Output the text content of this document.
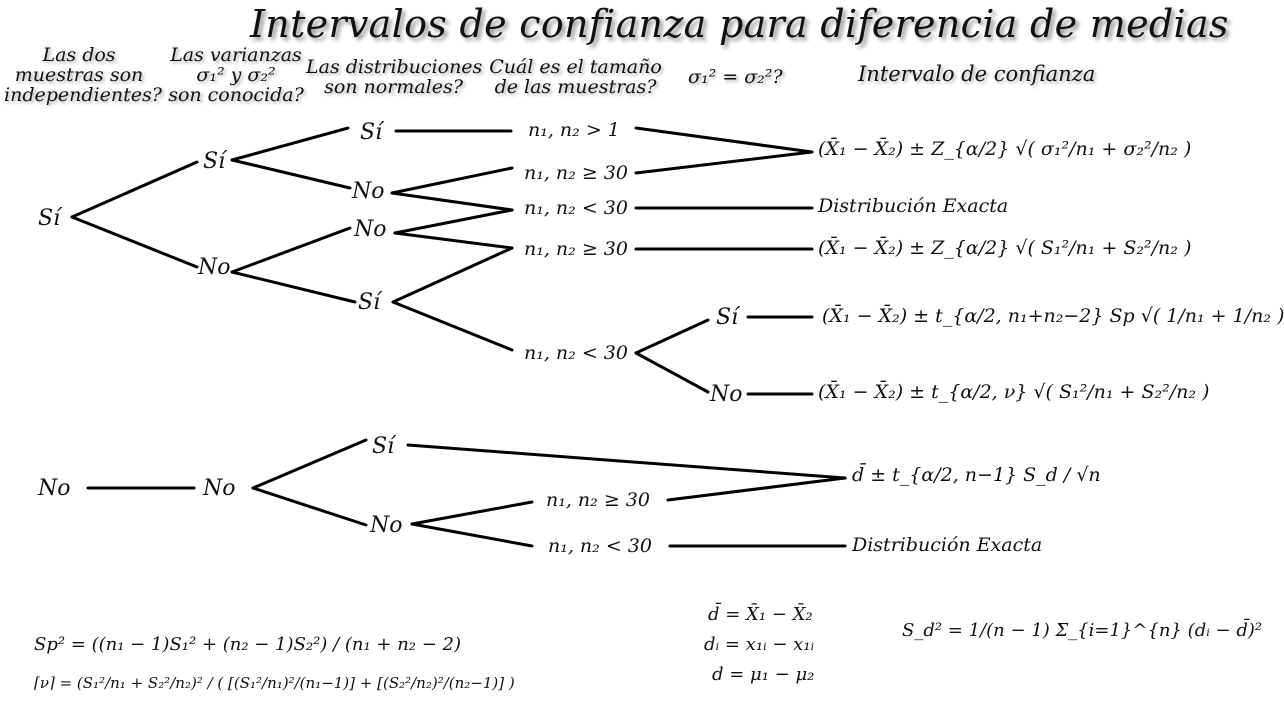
Intervalos de confianza para diferencia de medias
Las dos
muestras son
independientes?
Las varianzas
σ₁² y σ₂²
son conocida?
Las distribuciones
son normales?
Cuál es el tamaño
de las muestras?	σ₁² = σ₂²?	Intervalo de confianza
Sí
Sí
No
Sí
No
No
Sí
Sí
No
No	No
Sí
No
n₁, n₂ > 1
n₁, n₂ ≥ 30
n₁, n₂ < 30
n₁, n₂ ≥ 30
n₁, n₂ < 30
n₁, n₂ ≥ 30
n₁, n₂ < 30
(X̄₁ − X̄₂) ± Z_{α/2} √( σ₁²/n₁ + σ₂²/n₂ )
Distribución Exacta
(X̄₁ − X̄₂) ± Z_{α/2} √( S₁²/n₁ + S₂²/n₂ )
(X̄₁ − X̄₂) ± t_{α/2, n₁+n₂−2} Sp √( 1/n₁ + 1/n₂ )
(X̄₁ − X̄₂) ± t_{α/2, ν} √( S₁²/n₁ + S₂²/n₂ )
d̄ ± t_{α/2, n−1} S_d / √n
Distribución Exacta
Sp² = ((n₁ − 1)S₁² + (n₂ − 1)S₂²) / (n₁ + n₂ − 2)
⌈ν⌉ = (S₁²/n₁ + S₂²/n₂)² / ( [(S₁²/n₁)²/(n₁−1)] + [(S₂²/n₂)²/(n₂−1)] )
d̄ = X̄₁ − X̄₂
dᵢ = x₁ᵢ − x₁ᵢ
d = μ₁ − μ₂
S_d² = 1/(n − 1) Σ_{i=1}^{n} (dᵢ − d̄)²
